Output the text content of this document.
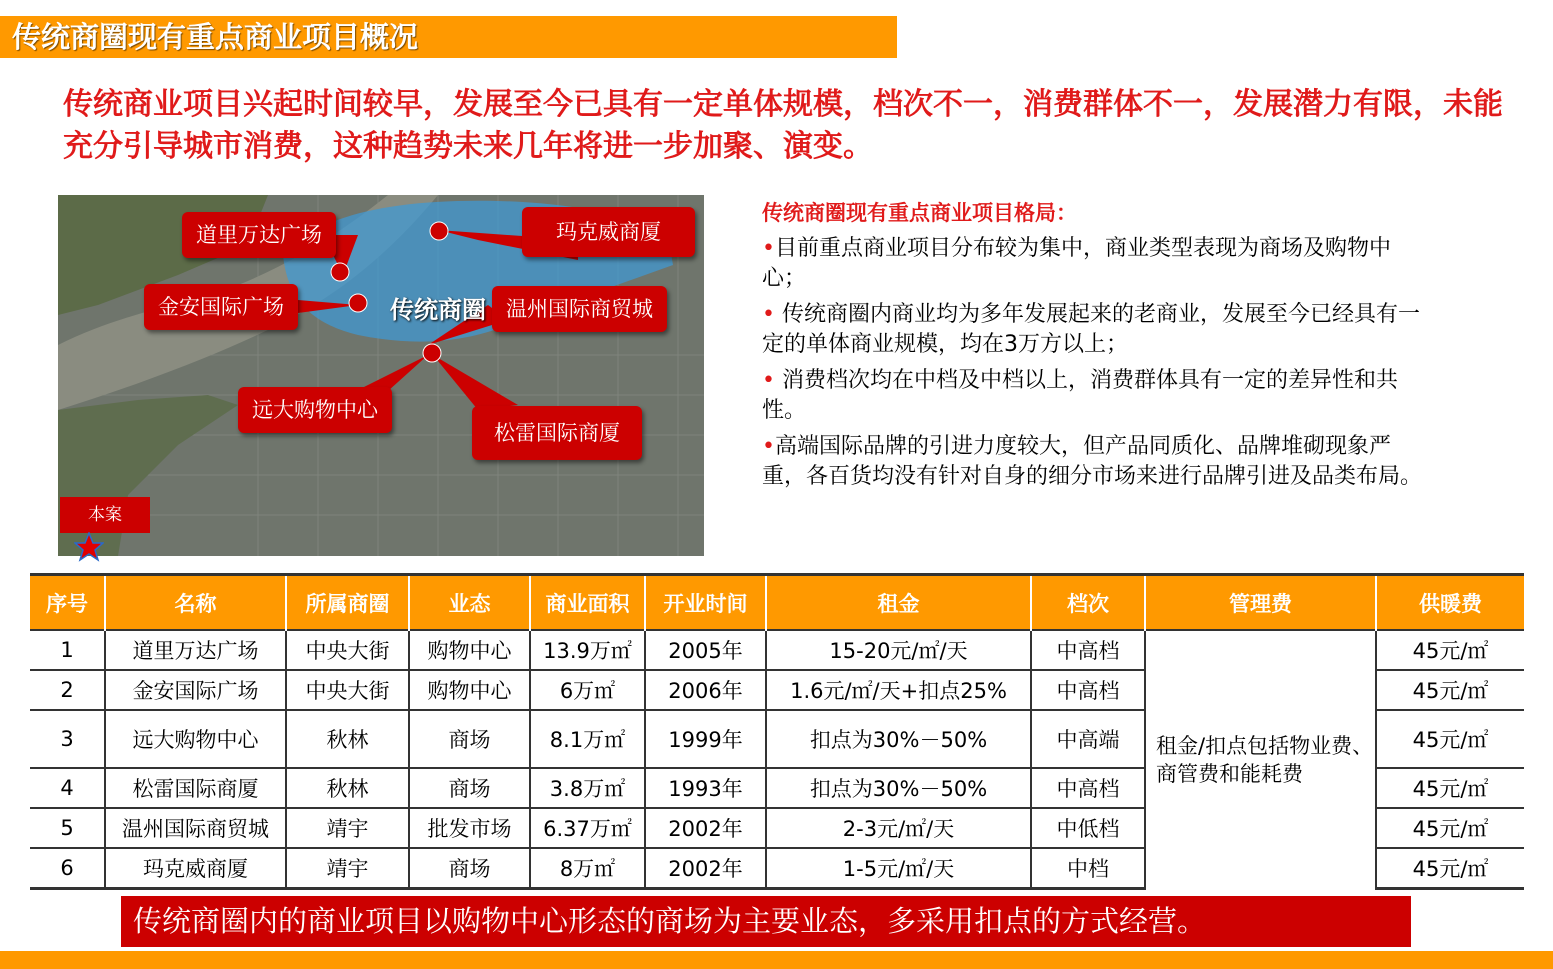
传统商圈现有重点商业项目概况
传统商业项目兴起时间较早，发展至今已具有一定单体规模，档次不一，消费群体不一，发展潜力有限，未能充分引导城市消费，这种趋势未来几年将进一步加聚、演变。
道里万达广场	玛克威商厦
金安国际广场	温州国际商贸城
远大购物中心
松雷国际商厦
传统商圈
本案
传统商圈现有重点商业项目格局：
•目前重点商业项目分布较为集中，商业类型表现为商场及购物中心；
• 传统商圈内商业均为多年发展起来的老商业，发展至今已经具有一定的单体商业规模，均在3万方以上；
• 消费档次均在中档及中档以上，消费群体具有一定的差异性和共性。
•高端国际品牌的引进力度较大，但产品同质化、品牌堆砌现象严重，各百货均没有针对自身的细分市场来进行品牌引进及品类布局。
序号	名称	所属商圈	业态	商业面积	开业时间	租金	档次	管理费	供暖费
1	道里万达广场	中央大街	购物中心	13.9万㎡	2005年	15-20元/㎡/天	中高档	租金/扣点包括物业费、商管费和能耗费	45元/㎡
2	金安国际广场	中央大街	购物中心	6万㎡	2006年	1.6元/㎡/天+扣点25%	中高档		45元/㎡
3	远大购物中心	秋林	商场	8.1万㎡	1999年	扣点为30%－50%	中高端		45元/㎡
4	松雷国际商厦	秋林	商场	3.8万㎡	1993年	扣点为30%－50%	中高档		45元/㎡
5	温州国际商贸城	靖宇	批发市场	6.37万㎡	2002年	2-3元/㎡/天	中低档		45元/㎡
6	玛克威商厦	靖宇	商场	8万㎡	2002年	1-5元/㎡/天	中档		45元/㎡
传统商圈内的商业项目以购物中心形态的商场为主要业态，多采用扣点的方式经营。
